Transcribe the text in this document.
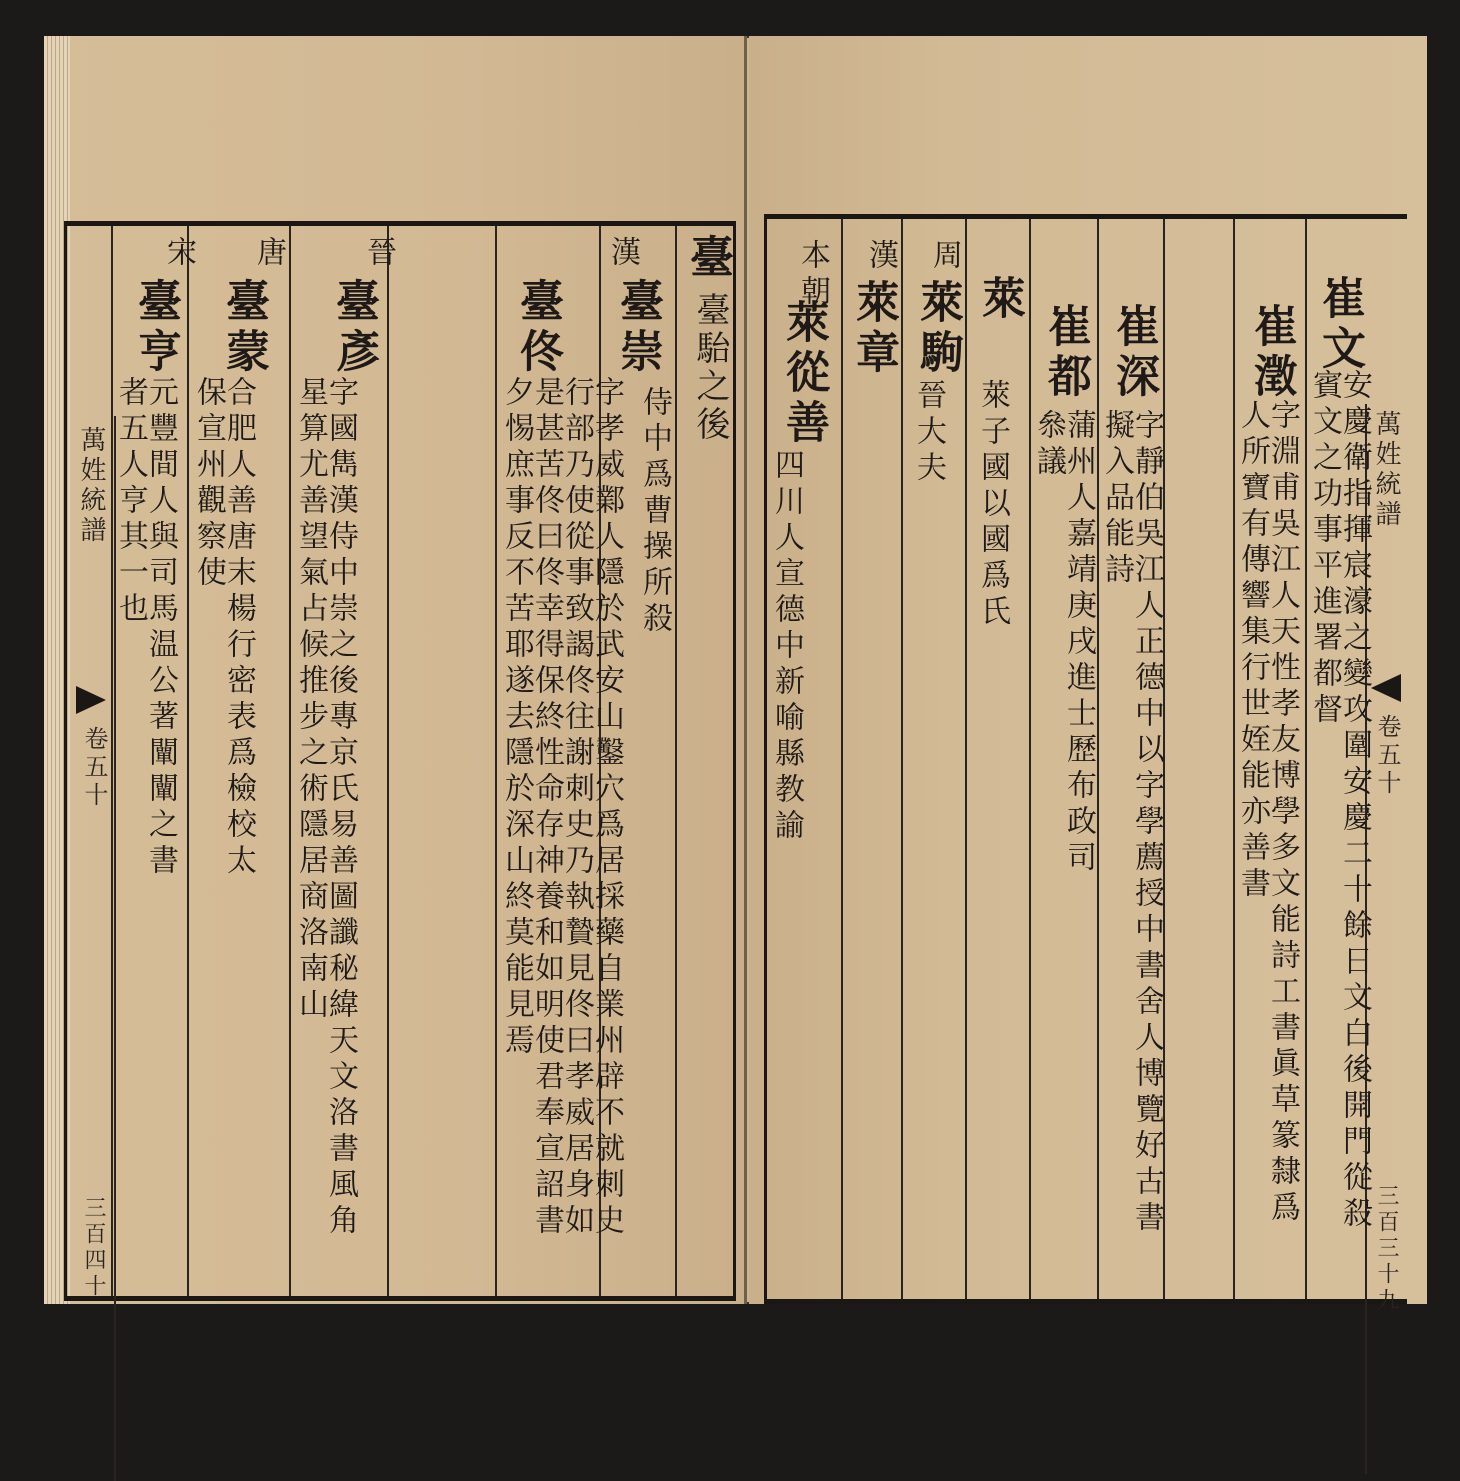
萬姓統譜
卷五十
三百四十
臺
臺駘之後
漢
臺崇
侍中爲曹操所殺
臺佟
字孝威鄴人隱於武安山鑿穴爲居採藥自業州辟不就刺史行部乃使從事致謁佟往謝刺史乃執贄見佟曰孝威居身如是甚苦佟曰佟幸得保終性命存神養和如明使君奉宣詔書夕惕庶事反不苦耶遂去隱於深山終莫能見焉
晉
臺彥
字國雋漢侍中崇之後專京氏易善圖讖秘緯天文洛書風角星算尤善望氣占候推步之術隱居商洛南山
唐
臺蒙
合肥人善唐末楊行密表爲檢校太保宣州觀察使
宋
臺亨
元豐間人與司馬温公著闡闡之書者五人亨其一也	萬姓統譜
卷五十
三百三十九
崔文
安慶衛指揮宸濠之變攻圍安慶二十餘日文白後開門從殺賓文之功事平進署都督
崔澂
字淵甫吳江人天性孝友博學多文能詩工書眞草篆隸爲人所寶有傳響集行世姪能亦善書
崔深
字靜伯吳江人正德中以字學薦授中書舍人博覽好古書擬入品能詩
崔都
蒲州人嘉靖庚戌進士歷布政司叅議
萊
萊子國以國爲氏
周
萊駒
晉大夫
漢
萊章
本朝
萊從善
四川人宣德中新喻縣教諭
